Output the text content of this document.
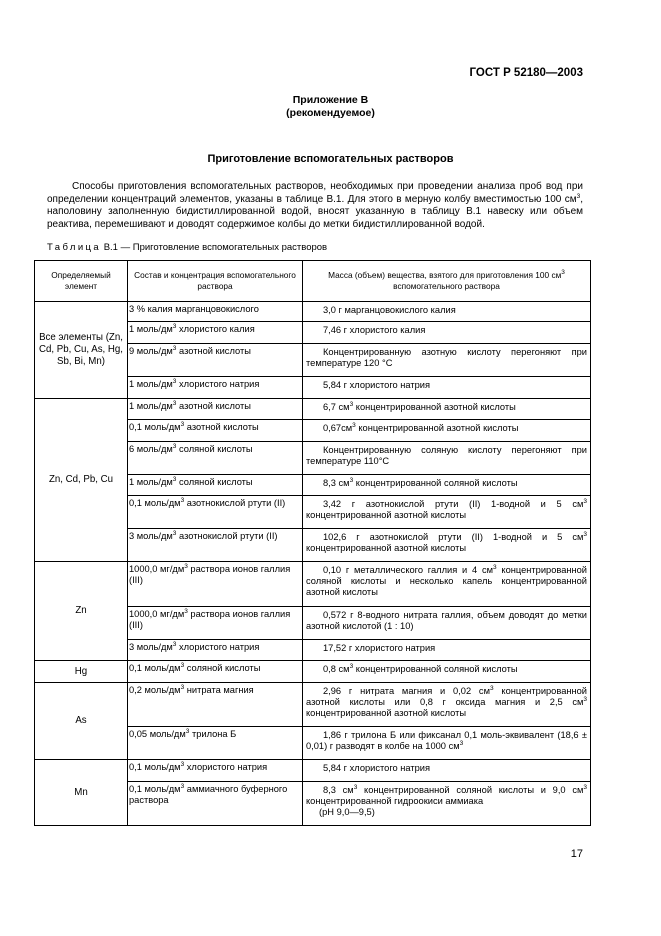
ГОСТ Р 52180—2003
Приложение В
(рекомендуемое)
Приготовление вспомогательных растворов

Способы приготовления вспомогательных растворов, необходимых при проведении анализа проб вод при определении концентраций элементов, указаны в таблице В.1. Для этого в мерную колбу вместимостью 100 $см^3$, наполовину заполненную бидистиллированной водой, вносят указанную в таблицу В.1 навеску или объем реактива, перемешивают и доводят содержимое колбы до метки бидистиллированной водой.

Таблица В.1 — Приготовление вспомогательных растворов
Определяемый элемент	Состав и концентрация вспомогательного раствора	Масса (объем) вещества, взятого для приготовления 100 $см^3$
вспомогательного раствора
Все элементы (Zn, Cd, Pb, Cu, As, Hg, Sb, Bi, Mn)	3 % калия марганцовокислого	3,0 г марганцовокислого калия
	1 моль/$дм^3$ хлористого калия	7,46 г хлористого калия
	9 моль/$дм^3$ азотной кислоты	Концентрированную азотную кислоту перегоняют при температуре 120 °С
	1 моль/$дм^3$ хлористого натрия	5,84 г хлористого натрия
Zn, Cd, Pb, Cu	1 моль/$дм^3$ азотной кислоты	6,7 $см^3$ концентрированной азотной кислоты
	0,1 моль/$дм^3$ азотной кислоты	$0,67см^3$ концентрированной азотной кислоты
	6 моль/$дм^3$ соляной кислоты	Концентрированную соляную кислоту перегоняют при температуре 110°С
	1 моль/$дм^3$ соляной кислоты	8,3 $см^3$ концентрированной соляной кислоты
	0,1 моль/$дм^3$ азотнокислой ртути (II)	3,42 г азотнокислой ртути (II) 1-водной и 5 $см^3$ концентрированной азотной кислоты
	3 моль/$дм^3$ азотнокислой ртути (II)	102,6 г азотнокислой ртути (II) 1-водной и 5 $см^3$ концентрированной азотной кислоты
Zn	1000,0 $мг/дм^3$ раствора ионов галлия (III)	0,10 г металлического галлия и 4 $см^3$ концентрированной соляной кислоты и несколько капель концентрированной азотной кислоты
	1000,0 $мг/дм^3$ раствора ионов галлия (III)	0,572 г 8-водного нитрата галлия, объем доводят до метки азотной кислотой (1 : 10)
	3 моль/$дм^3$ хлористого натрия	17,52 г хлористого натрия
Hg	0,1 моль/$дм^3$ соляной кислоты	0,8 $см^3$ концентрированной соляной кислоты
As	0,2 моль/$дм^3$ нитрата магния	2,96 г нитрата магния и 0,02 $см^3$ концентрированной азотной кислоты или 0,8 г оксида магния и 2,5 $см^3$ концентрированной азотной кислоты
	0,05 моль/$дм^3$ трилона Б	1,86 г трилона Б или фиксанал 0,1 моль-эквивалент (18,6 ± 0,01) г разводят в колбе на 1000 $см^3$
Mn	0,1 моль/$дм^3$ хлористого натрия	5,84 г хлористого натрия
	0,1 моль/$дм^3$ аммиачного буферного раствора	8,3 $см^3$ концентрированной соляной кислоты и 9,0 $см^3$ концентрированной гидроокиси аммиака
(рН 9,0—9,5)
17
